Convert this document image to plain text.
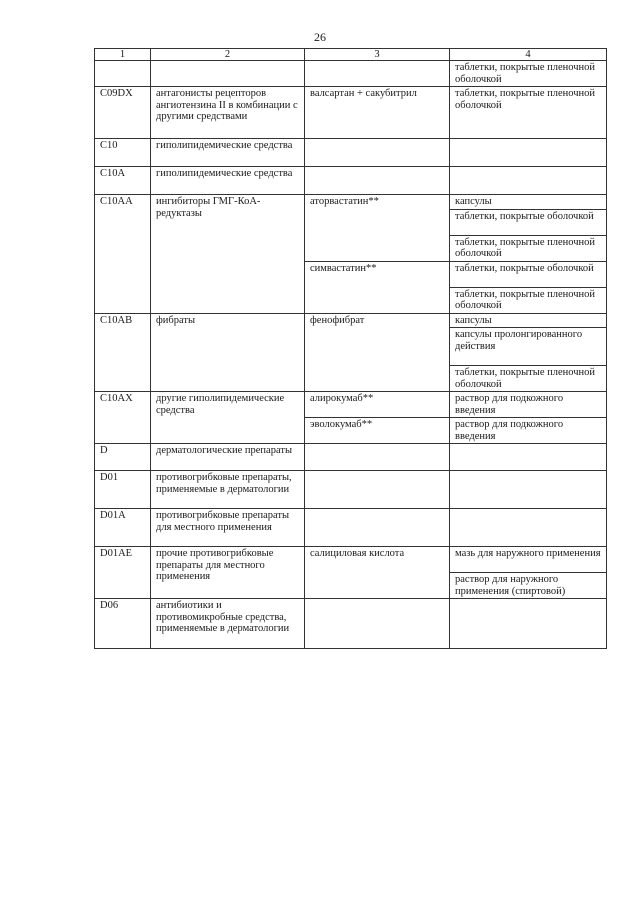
26
1	2	3	4
			таблетки, покрытые пленочной оболочкой
C09DX	антагонисты рецепторов ангиотензина II в комбинации с другими средствами	валсартан + сакубитрил	таблетки, покрытые пленочной оболочкой
C10	гиполипидемические средства		
C10A	гиполипидемические средства		
C10AA	ингибиторы ГМГ-КоА-редуктазы	аторвастатин**	капсулы
			таблетки, покрытые оболочкой
			таблетки, покрытые пленочной оболочкой
		симвастатин**	таблетки, покрытые оболочкой
			таблетки, покрытые пленочной оболочкой
C10AB	фибраты	фенофибрат	капсулы
			капсулы пролонгированного действия
			таблетки, покрытые пленочной оболочкой
C10AX	другие гиполипидемические средства	алирокумаб**	раствор для подкожного введения
		эволокумаб**	раствор для подкожного введения
D	дерматологические препараты		
D01	противогрибковые препараты, применяемые в дерматологии		
D01A	противогрибковые препараты для местного применения		
D01AE	прочие противогрибковые препараты для местного применения	салициловая кислота	мазь для наружного применения
			раствор для наружного применения (спиртовой)
D06	антибиотики и противомикробные средства, применяемые в дерматологии		
